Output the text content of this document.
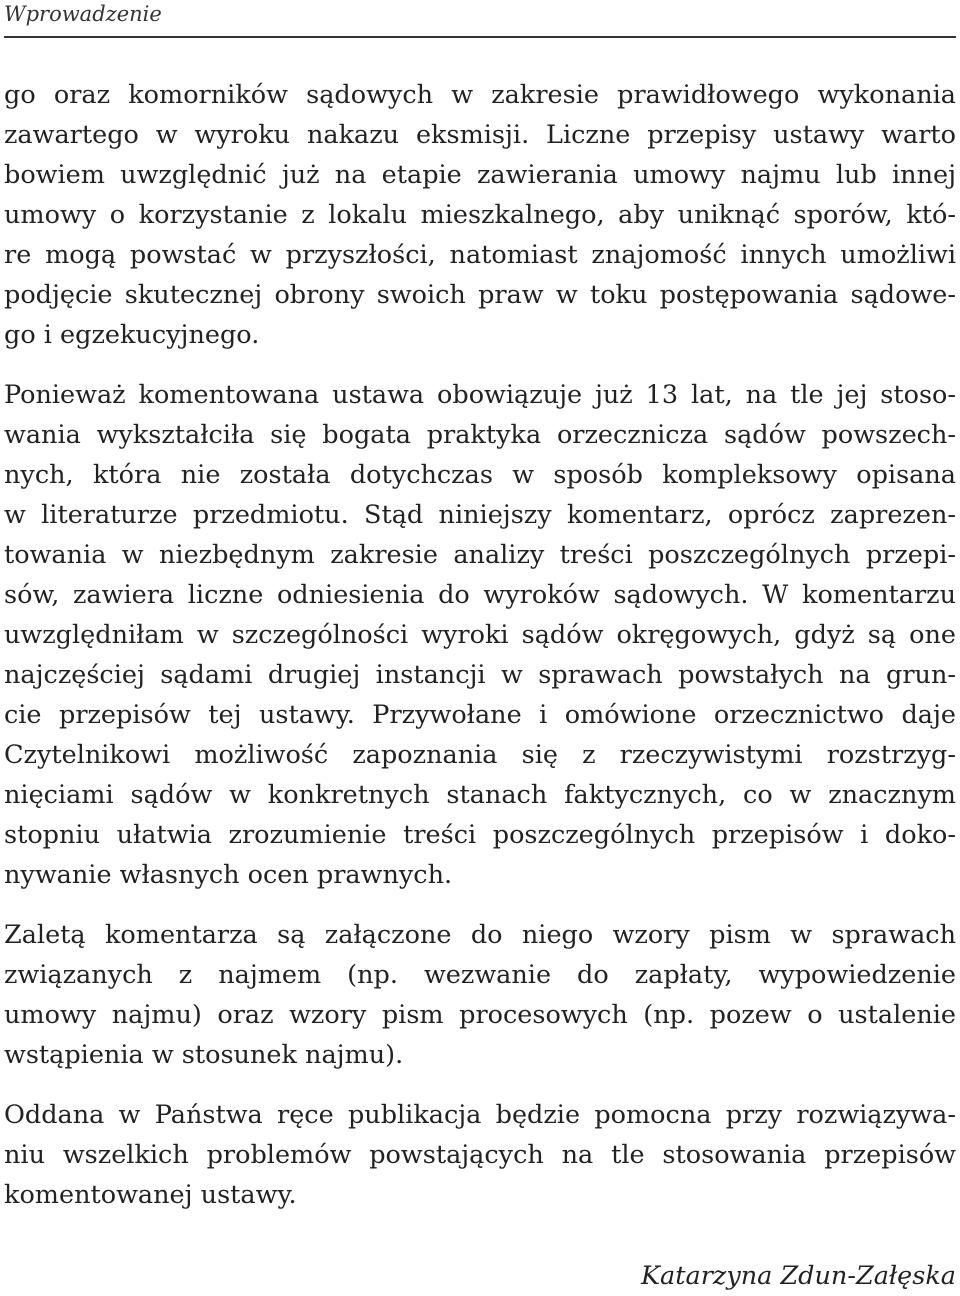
Wprowadzenie
go oraz komorników sądowych w zakresie prawidłowego wykonania
zawartego w wyroku nakazu eksmisji. Liczne przepisy ustawy warto
bowiem uwzględnić już na etapie zawierania umowy najmu lub innej
umowy o korzystanie z lokalu mieszkalnego, aby uniknąć sporów, któ-
re mogą powstać w przyszłości, natomiast znajomość innych umożliwi
podjęcie skutecznej obrony swoich praw w toku postępowania sądowe-
go i egzekucyjnego.
Ponieważ komentowana ustawa obowiązuje już 13 lat, na tle jej stoso-
wania wykształciła się bogata praktyka orzecznicza sądów powszech-
nych, która nie została dotychczas w sposób kompleksowy opisana
w literaturze przedmiotu. Stąd niniejszy komentarz, oprócz zaprezen-
towania w niezbędnym zakresie analizy treści poszczególnych przepi-
sów, zawiera liczne odniesienia do wyroków sądowych. W komentarzu
uwzględniłam w szczególności wyroki sądów okręgowych, gdyż są one
najczęściej sądami drugiej instancji w sprawach powstałych na grun-
cie przepisów tej ustawy. Przywołane i omówione orzecznictwo daje
Czytelnikowi możliwość zapoznania się z rzeczywistymi rozstrzyg-
nięciami sądów w konkretnych stanach faktycznych, co w znacznym
stopniu ułatwia zrozumienie treści poszczególnych przepisów i doko-
nywanie własnych ocen prawnych.
Zaletą komentarza są załączone do niego wzory pism w sprawach
związanych z najmem (np. wezwanie do zapłaty, wypowiedzenie
umowy najmu) oraz wzory pism procesowych (np. pozew o ustalenie
wstąpienia w stosunek najmu).
Oddana w Państwa ręce publikacja będzie pomocna przy rozwiązywa-
niu wszelkich problemów powstających na tle stosowania przepisów
komentowanej ustawy.
Katarzyna Zdun-Załęska
